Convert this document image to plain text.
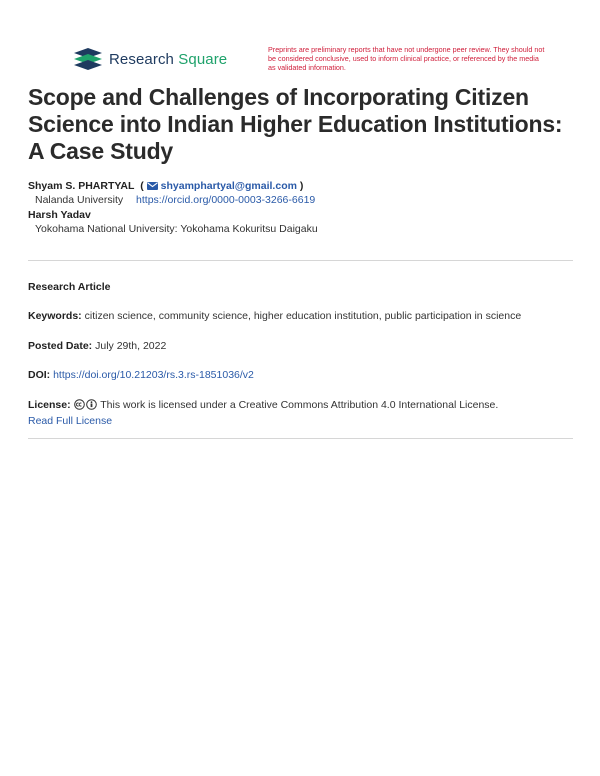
Research Square
Preprints are preliminary reports that have not undergone peer review. They should not be considered conclusive, used to inform clinical practice, or referenced by the media as validated information.
Scope and Challenges of Incorporating Citizen Science into Indian Higher Education Institutions: A Case Study
Shyam S. PHARTYAL  ( shyamphartyal@gmail.com )
Nalanda University https://orcid.org/0000-0003-3266-6619
Harsh Yadav
Yokohama National University: Yokohama Kokuritsu Daigaku
Research Article
Keywords: citizen science, community science, higher education institution, public participation in science
Posted Date: July 29th, 2022
DOI: https://doi.org/10.21203/rs.3.rs-1851036/v2
License:	This work is licensed under a Creative Commons Attribution 4.0 International License.
Read Full License
